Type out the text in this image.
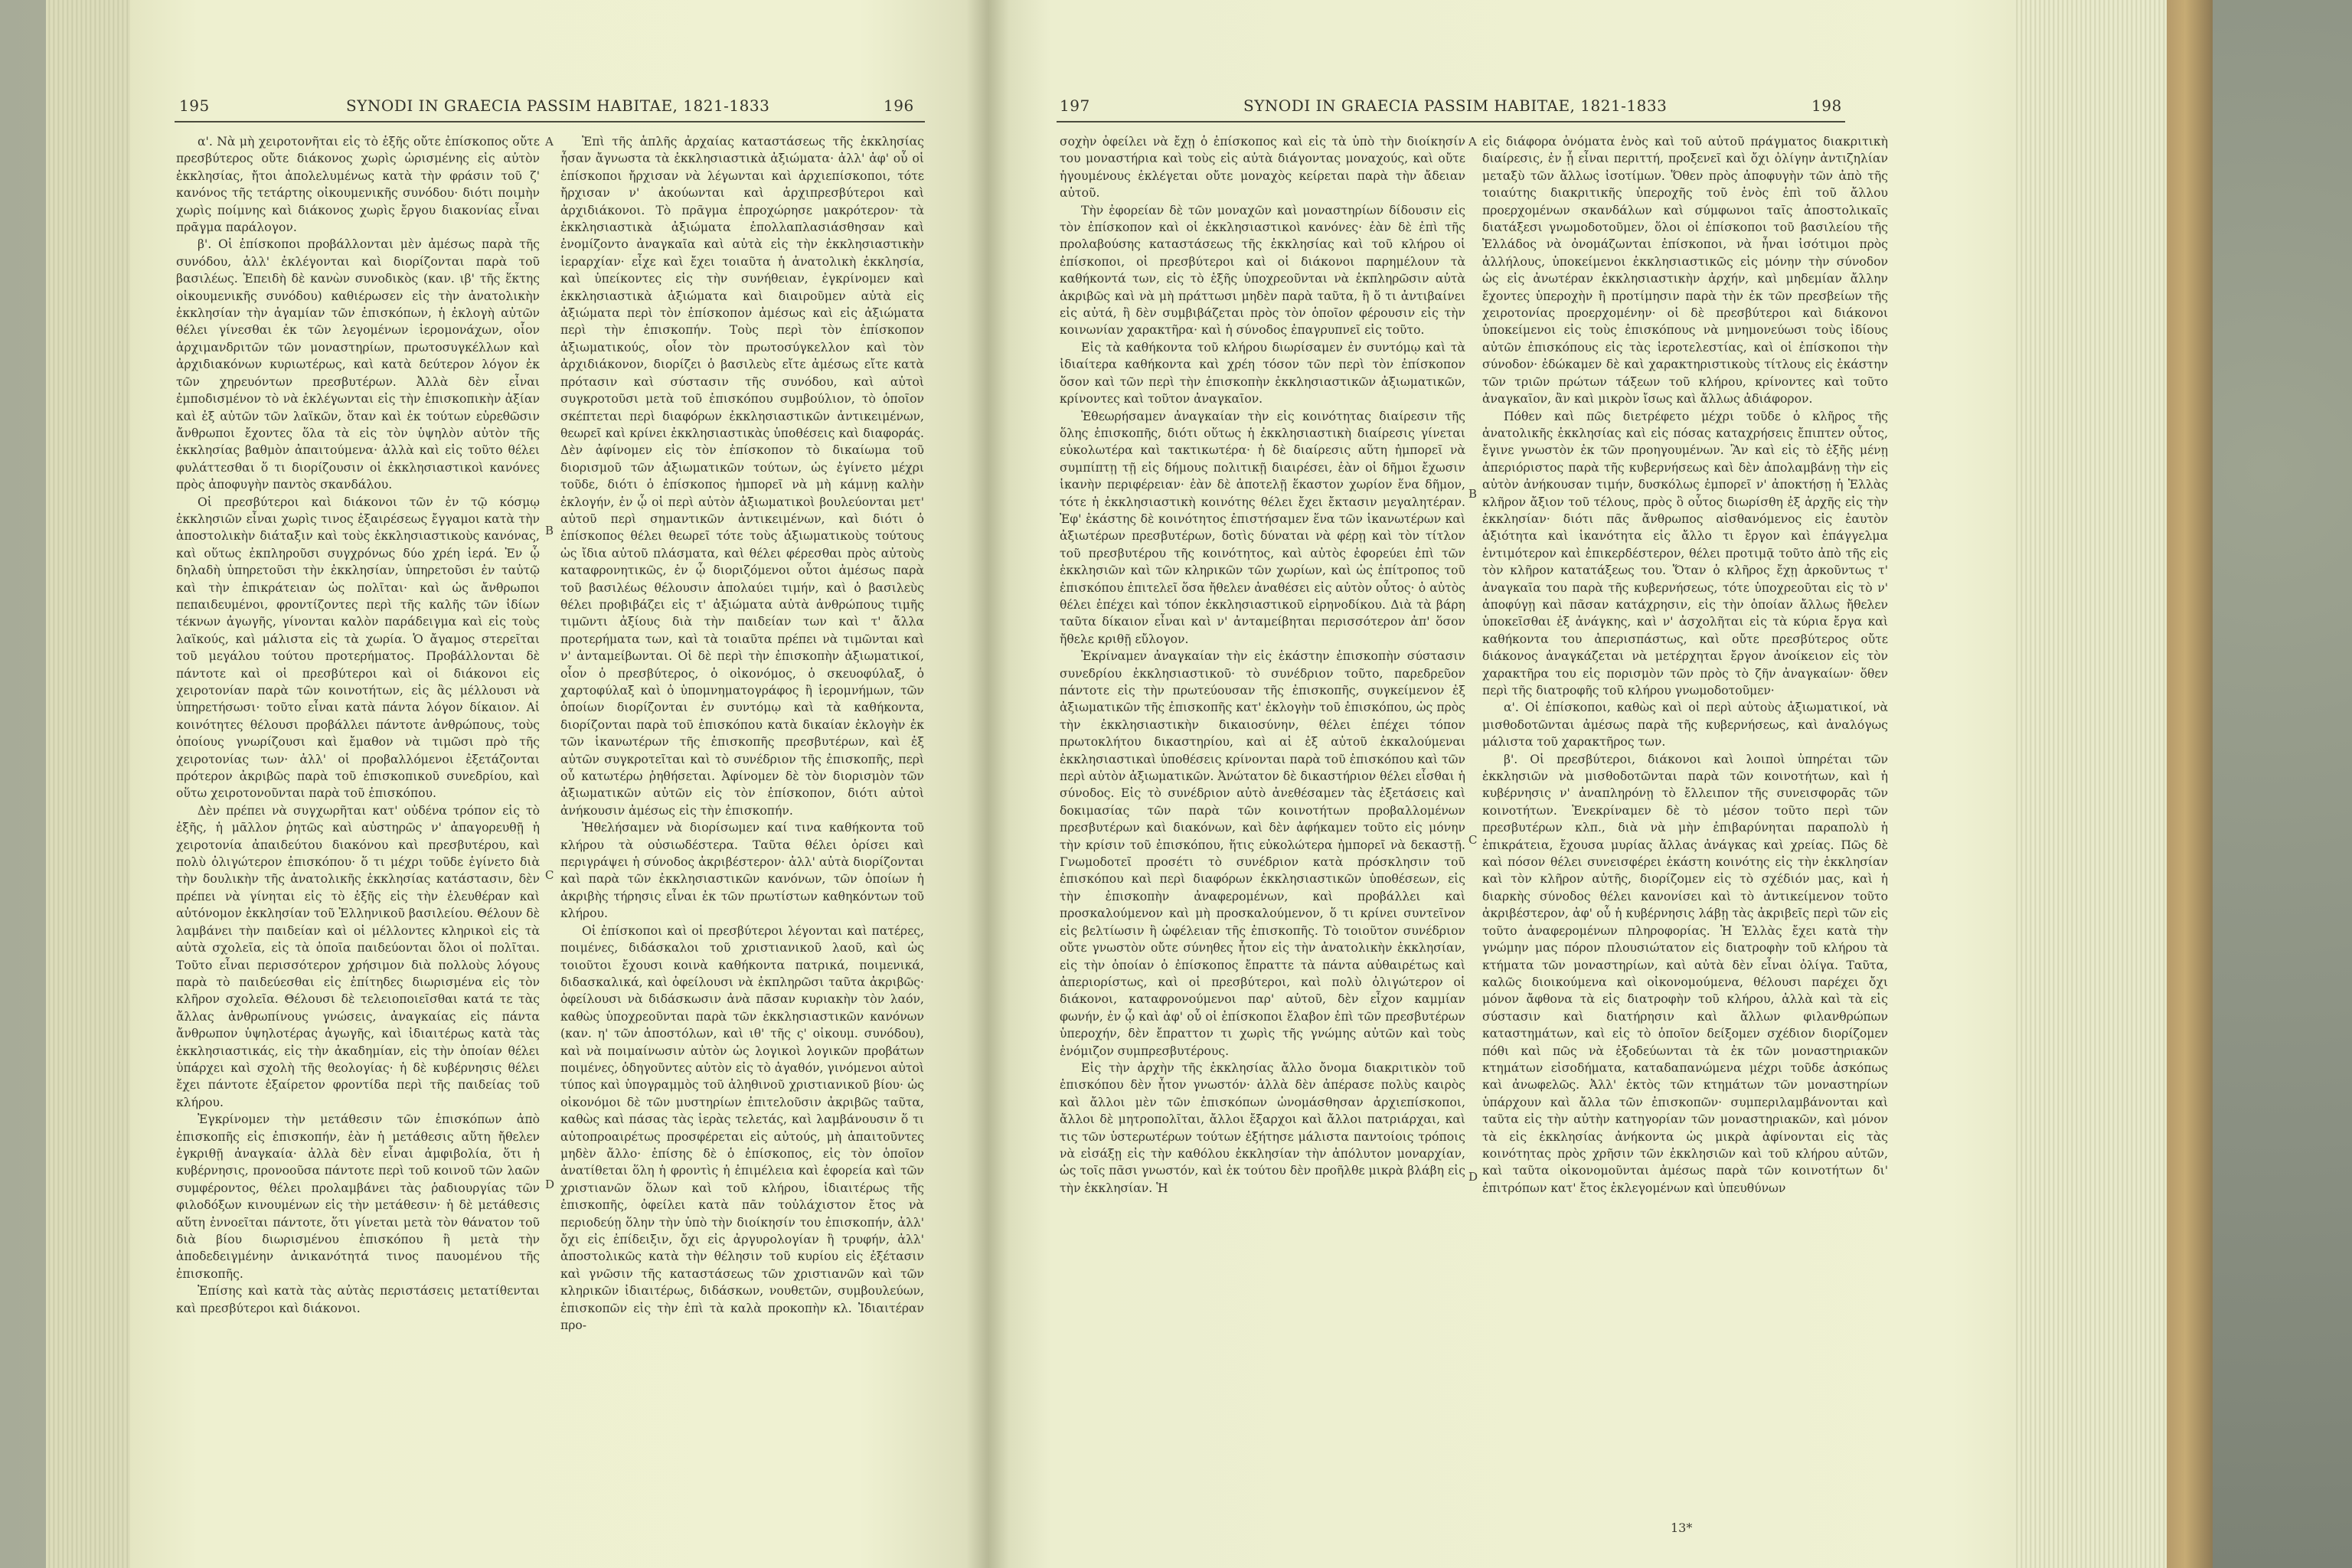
195	SYNODI IN GRAECIA PASSIM HABITAE, 1821-1833	196

α'. Νὰ μὴ χειροτονῆται εἰς τὸ ἑξῆς οὔτε ἐπίσκοπος οὔτε πρεσβύτερος οὔτε διάκονος χωρὶς ὡρισμένης εἰς αὐτὸν ἐκκλησίας, ἤτοι ἀπολελυμένως κατὰ τὴν φράσιν τοῦ ζ' κανόνος τῆς τετάρτης οἰκουμενικῆς συνόδου· διότι ποιμὴν χωρὶς ποίμνης καὶ διάκονος χωρὶς ἔργου διακονίας εἶναι πρᾶγμα παράλογον.

β'. Οἱ ἐπίσκοποι προβάλλονται μὲν ἀμέσως παρὰ τῆς συνόδου, ἀλλ' ἐκλέγονται καὶ διορίζονται παρὰ τοῦ βασιλέως. Ἐπειδὴ δὲ κανὼν συνοδικὸς (καν. ιβ' τῆς ἕκτης οἰκουμενικῆς συνόδου) καθιέρωσεν εἰς τὴν ἀνατολικὴν ἐκκλησίαν τὴν ἀγαμίαν τῶν ἐπισκόπων, ἡ ἐκλογὴ αὐτῶν θέλει γίνεσθαι ἐκ τῶν λεγομένων ἱερομονάχων, οἷον ἀρχιμανδριτῶν τῶν μοναστηρίων, πρωτοσυγκέλλων καὶ ἀρχιδιακόνων κυριωτέρως, καὶ κατὰ δεύτερον λόγον ἐκ τῶν χηρευόντων πρεσβυτέρων. Ἀλλὰ δὲν εἶναι ἐμποδισμένον τὸ νὰ ἐκλέγωνται εἰς τὴν ἐπισκοπικὴν ἀξίαν καὶ ἐξ αὐτῶν τῶν λαϊκῶν, ὅταν καὶ ἐκ τούτων εὑρεθῶσιν ἄνθρωποι ἔχοντες ὅλα τὰ εἰς τὸν ὑψηλὸν αὐτὸν τῆς ἐκκλησίας βαθμὸν ἀπαιτούμενα· ἀλλὰ καὶ εἰς τοῦτο θέλει φυλάττεσθαι ὅ τι διορίζουσιν οἱ ἐκκλησιαστικοὶ κανόνες πρὸς ἀποφυγὴν παντὸς σκανδάλου.

Οἱ πρεσβύτεροι καὶ διάκονοι τῶν ἐν τῷ κόσμῳ ἐκκλησιῶν εἶναι χωρὶς τινος ἐξαιρέσεως ἔγγαμοι κατὰ τὴν ἀποστολικὴν διάταξιν καὶ τοὺς ἐκκλησιαστικοὺς κανόνας, καὶ οὕτως ἐκπληροῦσι συγχρόνως δύο χρέη ἱερά. Ἐν ᾧ δηλαδὴ ὑπηρετοῦσι τὴν ἐκκλησίαν, ὑπηρετοῦσι ἐν ταὐτῷ καὶ τὴν ἐπικράτειαν ὡς πολῖται· καὶ ὡς ἄνθρωποι πεπαιδευμένοι, φροντίζοντες περὶ τῆς καλῆς τῶν ἰδίων τέκνων ἀγωγῆς, γίνονται καλὸν παράδειγμα καὶ εἰς τοὺς λαϊκούς, καὶ μάλιστα εἰς τὰ χωρία. Ὁ ἄγαμος στερεῖται τοῦ μεγάλου τούτου προτερήματος. Προβάλλονται δὲ πάντοτε καὶ οἱ πρεσβύτεροι καὶ οἱ διάκονοι εἰς χειροτονίαν παρὰ τῶν κοινοτήτων, εἰς ἃς μέλλουσι νὰ ὑπηρετήσωσι· τοῦτο εἶναι κατὰ πάντα λόγον δίκαιον. Αἱ κοινότητες θέλουσι προβάλλει πάντοτε ἀνθρώπους, τοὺς ὁποίους γνωρίζουσι καὶ ἔμαθον νὰ τιμῶσι πρὸ τῆς χειροτονίας των· ἀλλ' οἱ προβαλλόμενοι ἐξετάζονται πρότερον ἀκριβῶς παρὰ τοῦ ἐπισκοπικοῦ συνεδρίου, καὶ οὕτω χειροτονοῦνται παρὰ τοῦ ἐπισκόπου.

Δὲν πρέπει νὰ συγχωρῆται κατ' οὐδένα τρόπον εἰς τὸ ἑξῆς, ἡ μᾶλλον ῥητῶς καὶ αὐστηρῶς ν' ἀπαγορευθῇ ἡ χειροτονία ἀπαιδεύτου διακόνου καὶ πρεσβυτέρου, καὶ πολὺ ὀλιγώτερον ἐπισκόπου· ὅ τι μέχρι τοῦδε ἐγίνετο διὰ τὴν δουλικὴν τῆς ἀνατολικῆς ἐκκλησίας κατάστασιν, δὲν πρέπει νὰ γίνηται εἰς τὸ ἑξῆς εἰς τὴν ἐλευθέραν καὶ αὐτόνομον ἐκκλησίαν τοῦ Ἑλληνικοῦ βασιλείου. Θέλουν δὲ λαμβάνει τὴν παιδείαν καὶ οἱ μέλλοντες κληρικοὶ εἰς τὰ αὐτὰ σχολεῖα, εἰς τὰ ὁποῖα παιδεύονται ὅλοι οἱ πολῖται. Τοῦτο εἶναι περισσότερον χρήσιμον διὰ πολλοὺς λόγους παρὰ τὸ παιδεύεσθαι εἰς ἐπίτηδες διωρισμένα εἰς τὸν κλῆρον σχολεῖα. Θέλουσι δὲ τελειοποιεῖσθαι κατά τε τὰς ἄλλας ἀνθρωπίνους γνώσεις, ἀναγκαίας εἰς πάντα ἄνθρωπον ὑψηλοτέρας ἀγωγῆς, καὶ ἰδιαιτέρως κατὰ τὰς ἐκκλησιαστικάς, εἰς τὴν ἀκαδημίαν, εἰς τὴν ὁποίαν θέλει ὑπάρχει καὶ σχολὴ τῆς θεολογίας· ἡ δὲ κυβέρνησις θέλει ἔχει πάντοτε ἐξαίρετον φροντίδα περὶ τῆς παιδείας τοῦ κλήρου.

Ἐγκρίνομεν τὴν μετάθεσιν τῶν ἐπισκόπων ἀπὸ ἐπισκοπῆς εἰς ἐπισκοπήν, ἐὰν ἡ μετάθεσις αὕτη ἤθελεν ἐγκριθῇ ἀναγκαία· ἀλλὰ δὲν εἶναι ἀμφιβολία, ὅτι ἡ κυβέρνησις, προνοοῦσα πάντοτε περὶ τοῦ κοινοῦ τῶν λαῶν συμφέροντος, θέλει προλαμβάνει τὰς ῥαδιουργίας τῶν φιλοδόξων κινουμένων εἰς τὴν μετάθεσιν· ἡ δὲ μετάθεσις αὕτη ἐννοεῖται πάντοτε, ὅτι γίνεται μετὰ τὸν θάνατον τοῦ διὰ βίου διωρισμένου ἐπισκόπου ἢ μετὰ τὴν ἀποδεδειγμένην ἀνικανότητά τινος παυομένου τῆς ἐπισκοπῆς.

Ἐπίσης καὶ κατὰ τὰς αὐτὰς περιστάσεις μετατίθενται καὶ πρεσβύτεροι καὶ διάκονοι.

Ἐπὶ τῆς ἁπλῆς ἀρχαίας καταστάσεως τῆς ἐκκλησίας ἦσαν ἄγνωστα τὰ ἐκκλησιαστικὰ ἀξιώματα· ἀλλ' ἀφ' οὗ οἱ ἐπίσκοποι ἤρχισαν νὰ λέγωνται καὶ ἀρχιεπίσκοποι, τότε ἤρχισαν ν' ἀκούωνται καὶ ἀρχιπρεσβύτεροι καὶ ἀρχιδιάκονοι. Τὸ πρᾶγμα ἐπροχώρησε μακρότερον· τὰ ἐκκλησιαστικὰ ἀξιώματα ἐπολλαπλασιάσθησαν καὶ ἐνομίζοντο ἀναγκαῖα καὶ αὐτὰ εἰς τὴν ἐκκλησιαστικὴν ἱεραρχίαν· εἶχε καὶ ἔχει τοιαῦτα ἡ ἀνατολικὴ ἐκκλησία, καὶ ὑπείκοντες εἰς τὴν συνήθειαν, ἐγκρίνομεν καὶ ἐκκλησιαστικὰ ἀξιώματα καὶ διαιροῦμεν αὐτὰ εἰς ἀξιώματα περὶ τὸν ἐπίσκοπον ἀμέσως καὶ εἰς ἀξιώματα περὶ τὴν ἐπισκοπήν. Τοὺς περὶ τὸν ἐπίσκοπον ἀξιωματικούς, οἷον τὸν πρωτοσύγκελλον καὶ τὸν ἀρχιδιάκονον, διορίζει ὁ βασιλεὺς εἴτε ἀμέσως εἴτε κατὰ πρότασιν καὶ σύστασιν τῆς συνόδου, καὶ αὐτοὶ συγκροτοῦσι μετὰ τοῦ ἐπισκόπου συμβούλιον, τὸ ὁποῖον σκέπτεται περὶ διαφόρων ἐκκλησιαστικῶν ἀντικειμένων, θεωρεῖ καὶ κρίνει ἐκκλησιαστικὰς ὑποθέσεις καὶ διαφοράς. Δὲν ἀφίνομεν εἰς τὸν ἐπίσκοπον τὸ δικαίωμα τοῦ διορισμοῦ τῶν ἀξιωματικῶν τούτων, ὡς ἐγίνετο μέχρι τοῦδε, διότι ὁ ἐπίσκοπος ἠμπορεῖ νὰ μὴ κάμνῃ καλὴν ἐκλογήν, ἐν ᾧ οἱ περὶ αὐτὸν ἀξιωματικοὶ βουλεύονται μετ' αὐτοῦ περὶ σημαντικῶν ἀντικειμένων, καὶ διότι ὁ ἐπίσκοπος θέλει θεωρεῖ τότε τοὺς ἀξιωματικοὺς τούτους ὡς ἴδια αὐτοῦ πλάσματα, καὶ θέλει φέρεσθαι πρὸς αὐτοὺς καταφρονητικῶς, ἐν ᾧ διοριζόμενοι οὗτοι ἀμέσως παρὰ τοῦ βασιλέως θέλουσιν ἀπολαύει τιμήν, καὶ ὁ βασιλεὺς θέλει προβιβάζει εἰς τ' ἀξιώματα αὐτὰ ἀνθρώπους τιμῆς τιμῶντι ἀξίους διὰ τὴν παιδείαν των καὶ τ' ἄλλα προτερήματα των, καὶ τὰ τοιαῦτα πρέπει νὰ τιμῶνται καὶ ν' ἀνταμείβωνται. Οἱ δὲ περὶ τὴν ἐπισκοπὴν ἀξιωματικοί, οἷον ὁ πρεσβύτερος, ὁ οἰκονόμος, ὁ σκευοφύλαξ, ὁ χαρτοφύλαξ καὶ ὁ ὑπομνηματογράφος ἢ ἱερομνήμων, τῶν ὁποίων διορίζονται ἐν συντόμῳ καὶ τὰ καθήκοντα, διορίζονται παρὰ τοῦ ἐπισκόπου κατὰ δικαίαν ἐκλογὴν ἐκ τῶν ἱκανωτέρων τῆς ἐπισκοπῆς πρεσβυτέρων, καὶ ἐξ αὐτῶν συγκροτεῖται καὶ τὸ συνέδριον τῆς ἐπισκοπῆς, περὶ οὗ κατωτέρω ῥηθήσεται. Ἀφίνομεν δὲ τὸν διορισμὸν τῶν ἀξιωματικῶν αὐτῶν εἰς τὸν ἐπίσκοπον, διότι αὐτοὶ ἀνήκουσιν ἀμέσως εἰς τὴν ἐπισκοπήν.

Ἠθελήσαμεν νὰ διορίσωμεν καί τινα καθήκοντα τοῦ κλήρου τὰ οὐσιωδέστερα. Ταῦτα θέλει ὁρίσει καὶ περιγράψει ἡ σύνοδος ἀκριβέστερον· ἀλλ' αὐτὰ διορίζονται καὶ παρὰ τῶν ἐκκλησιαστικῶν κανόνων, τῶν ὁποίων ἡ ἀκριβὴς τήρησις εἶναι ἐκ τῶν πρωτίστων καθηκόντων τοῦ κλήρου.

Οἱ ἐπίσκοποι καὶ οἱ πρεσβύτεροι λέγονται καὶ πατέρες, ποιμένες, διδάσκαλοι τοῦ χριστιανικοῦ λαοῦ, καὶ ὡς τοιοῦτοι ἔχουσι κοινὰ καθήκοντα πατρικά, ποιμενικά, διδασκαλικά, καὶ ὀφείλουσι νὰ ἐκπληρῶσι ταῦτα ἀκριβῶς· ὀφείλουσι νὰ διδάσκωσιν ἀνὰ πᾶσαν κυριακὴν τὸν λαόν, καθὼς ὑποχρεοῦνται παρὰ τῶν ἐκκλησιαστικῶν κανόνων (καν. η' τῶν ἀποστόλων, καὶ ιθ' τῆς ς' οἰκουμ. συνόδου), καὶ νὰ ποιμαίνωσιν αὐτὸν ὡς λογικοὶ λογικῶν προβάτων ποιμένες, ὁδηγοῦντες αὐτὸν εἰς τὸ ἀγαθόν, γινόμενοι αὐτοὶ τύπος καὶ ὑπογραμμὸς τοῦ ἀληθινοῦ χριστιανικοῦ βίου· ὡς οἰκονόμοι δὲ τῶν μυστηρίων ἐπιτελοῦσιν ἀκριβῶς ταῦτα, καθὼς καὶ πάσας τὰς ἱερὰς τελετάς, καὶ λαμβάνουσιν ὅ τι αὐτοπροαιρέτως προσφέρεται εἰς αὐτούς, μὴ ἀπαιτοῦντες μηδὲν ἄλλο· ἐπίσης δὲ ὁ ἐπίσκοπος, εἰς τὸν ὁποῖον ἀνατίθεται ὅλη ἡ φροντὶς ἡ ἐπιμέλεια καὶ ἐφορεία καὶ τῶν χριστιανῶν ὅλων καὶ τοῦ κλήρου, ἰδιαιτέρως τῆς ἐπισκοπῆς, ὀφείλει κατὰ πᾶν τοὐλάχιστον ἔτος νὰ περιοδεύῃ ὅλην τὴν ὑπὸ τὴν διοίκησίν του ἐπισκοπήν, ἀλλ' ὄχι εἰς ἐπίδειξιν, ὄχι εἰς ἀργυρολογίαν ἢ τρυφήν, ἀλλ' ἀποστολικῶς κατὰ τὴν θέλησιν τοῦ κυρίου εἰς ἐξέτασιν καὶ γνῶσιν τῆς καταστάσεως τῶν χριστιανῶν καὶ τῶν κληρικῶν ἰδιαιτέρως, διδάσκων, νουθετῶν, συμβουλεύων, ἐπισκοπῶν εἰς τὴν ἐπὶ τὰ καλὰ προκοπὴν κλ. Ἰδιαιτέραν προ-

A
B
C
D
197	SYNODI IN GRAECIA PASSIM HABITAE, 1821-1833	198

σοχὴν ὀφείλει νὰ ἔχῃ ὁ ἐπίσκοπος καὶ εἰς τὰ ὑπὸ τὴν διοίκησίν του μοναστήρια καὶ τοὺς εἰς αὐτὰ διάγοντας μοναχούς, καὶ οὔτε ἡγουμένους ἐκλέγεται οὔτε μοναχὸς κείρεται παρὰ τὴν ἄδειαν αὐτοῦ.

Τὴν ἐφορείαν δὲ τῶν μοναχῶν καὶ μοναστηρίων δίδουσιν εἰς τὸν ἐπίσκοπον καὶ οἱ ἐκκλησιαστικοὶ κανόνες· ἐὰν δὲ ἐπὶ τῆς προλαβούσης καταστάσεως τῆς ἐκκλησίας καὶ τοῦ κλήρου οἱ ἐπίσκοποι, οἱ πρεσβύτεροι καὶ οἱ διάκονοι παρημέλουν τὰ καθήκοντά των, εἰς τὸ ἑξῆς ὑποχρεοῦνται νὰ ἐκπληρῶσιν αὐτὰ ἀκριβῶς καὶ νὰ μὴ πράττωσι μηδὲν παρὰ ταῦτα, ἢ ὅ τι ἀντιβαίνει εἰς αὐτά, ἢ δὲν συμβιβάζεται πρὸς τὸν ὁποῖον φέρουσιν εἰς τὴν κοινωνίαν χαρακτῆρα· καὶ ἡ σύνοδος ἐπαγρυπνεῖ εἰς τοῦτο.

Εἰς τὰ καθήκοντα τοῦ κλήρου διωρίσαμεν ἐν συντόμῳ καὶ τὰ ἰδιαίτερα καθήκοντα καὶ χρέη τόσον τῶν περὶ τὸν ἐπίσκοπον ὅσον καὶ τῶν περὶ τὴν ἐπισκοπὴν ἐκκλησιαστικῶν ἀξιωματικῶν, κρίνοντες καὶ τοῦτον ἀναγκαῖον.

Ἐθεωρήσαμεν ἀναγκαίαν τὴν εἰς κοινότητας διαίρεσιν τῆς ὅλης ἐπισκοπῆς, διότι οὕτως ἡ ἐκκλησιαστικὴ διαίρεσις γίνεται εὐκολωτέρα καὶ τακτικωτέρα· ἡ δὲ διαίρεσις αὕτη ἠμπορεῖ νὰ συμπίπτῃ τῇ εἰς δήμους πολιτικῇ διαιρέσει, ἐὰν οἱ δῆμοι ἔχωσιν ἱκανὴν περιφέρειαν· ἐὰν δὲ ἀποτελῇ ἕκαστον χωρίον ἕνα δῆμον, τότε ἡ ἐκκλησιαστικὴ κοινότης θέλει ἔχει ἔκτασιν μεγαλητέραν. Ἐφ' ἑκάστης δὲ κοινότητος ἐπιστήσαμεν ἕνα τῶν ἱκανωτέρων καὶ ἀξιωτέρων πρεσβυτέρων, δοτὶς δύναται νὰ φέρῃ καὶ τὸν τίτλον τοῦ πρεσβυτέρου τῆς κοινότητος, καὶ αὐτὸς ἐφορεύει ἐπὶ τῶν ἐκκλησιῶν καὶ τῶν κληρικῶν τῶν χωρίων, καὶ ὡς ἐπίτροπος τοῦ ἐπισκόπου ἐπιτελεῖ ὅσα ἤθελεν ἀναθέσει εἰς αὐτὸν οὗτος· ὁ αὐτὸς θέλει ἐπέχει καὶ τόπον ἐκκλησιαστικοῦ εἰρηνοδίκου. Διὰ τὰ βάρη ταῦτα δίκαιον εἶναι καὶ ν' ἀνταμείβηται περισσότερον ἀπ' ὅσον ἤθελε κριθῇ εὔλογον.

Ἐκρίναμεν ἀναγκαίαν τὴν εἰς ἑκάστην ἐπισκοπὴν σύστασιν συνεδρίου ἐκκλησιαστικοῦ· τὸ συνέδριον τοῦτο, παρεδρεῦον πάντοτε εἰς τὴν πρωτεύουσαν τῆς ἐπισκοπῆς, συγκείμενον ἐξ ἀξιωματικῶν τῆς ἐπισκοπῆς κατ' ἐκλογὴν τοῦ ἐπισκόπου, ὡς πρὸς τὴν ἐκκλησιαστικὴν δικαιοσύνην, θέλει ἐπέχει τόπον πρωτοκλήτου δικαστηρίου, καὶ αἱ ἐξ αὐτοῦ ἐκκαλούμεναι ἐκκλησιαστικαὶ ὑποθέσεις κρίνονται παρὰ τοῦ ἐπισκόπου καὶ τῶν περὶ αὐτὸν ἀξιωματικῶν. Ἀνώτατον δὲ δικαστήριον θέλει εἶσθαι ἡ σύνοδος. Εἰς τὸ συνέδριον αὐτὸ ἀνεθέσαμεν τὰς ἐξετάσεις καὶ δοκιμασίας τῶν παρὰ τῶν κοινοτήτων προβαλλομένων πρεσβυτέρων καὶ διακόνων, καὶ δὲν ἀφήκαμεν τοῦτο εἰς μόνην τὴν κρίσιν τοῦ ἐπισκόπου, ἥτις εὐκολώτερα ἠμπορεῖ νὰ δεκαστῇ. Γνωμοδοτεῖ προσέτι τὸ συνέδριον κατὰ πρόσκλησιν τοῦ ἐπισκόπου καὶ περὶ διαφόρων ἐκκλησιαστικῶν ὑποθέσεων, εἰς τὴν ἐπισκοπὴν ἀναφερομένων, καὶ προβάλλει καὶ προσκαλούμενον καὶ μὴ προσκαλούμενον, ὅ τι κρίνει συντεῖνον εἰς βελτίωσιν ἢ ὠφέλειαν τῆς ἐπισκοπῆς. Τὸ τοιοῦτον συνέδριον οὔτε γνωστὸν οὔτε σύνηθες ἦτον εἰς τὴν ἀνατολικὴν ἐκκλησίαν, εἰς τὴν ὁποίαν ὁ ἐπίσκοπος ἔπραττε τὰ πάντα αὐθαιρέτως καὶ ἀπεριορίστως, καὶ οἱ πρεσβύτεροι, καὶ πολὺ ὀλιγώτερον οἱ διάκονοι, καταφρονούμενοι παρ' αὐτοῦ, δὲν εἶχον καμμίαν φωνήν, ἐν ᾧ καὶ ἀφ' οὗ οἱ ἐπίσκοποι ἔλαβον ἐπὶ τῶν πρεσβυτέρων ὑπεροχήν, δὲν ἔπραττον τι χωρὶς τῆς γνώμης αὐτῶν καὶ τοὺς ἐνόμιζον συμπρεσβυτέρους.

Εἰς τὴν ἀρχὴν τῆς ἐκκλησίας ἄλλο ὄνομα διακριτικὸν τοῦ ἐπισκόπου δὲν ἦτον γνωστόν· ἀλλὰ δὲν ἀπέρασε πολὺς καιρὸς καὶ ἄλλοι μὲν τῶν ἐπισκόπων ὠνομάσθησαν ἀρχιεπίσκοποι, ἄλλοι δὲ μητροπολῖται, ἄλλοι ἔξαρχοι καὶ ἄλλοι πατριάρχαι, καὶ τις τῶν ὑστερωτέρων τούτων ἐξήτησε μάλιστα παντοίοις τρόποις νὰ εἰσάξῃ εἰς τὴν καθόλου ἐκκλησίαν τὴν ἀπόλυτον μοναρχίαν, ὡς τοῖς πᾶσι γνωστόν, καὶ ἐκ τούτου δὲν προῆλθε μικρὰ βλάβη εἰς τὴν ἐκκλησίαν. Ἡ

εἰς διάφορα ὀνόματα ἑνὸς καὶ τοῦ αὐτοῦ πράγματος διακριτικὴ διαίρεσις, ἐν ᾗ εἶναι περιττή, προξενεῖ καὶ ὄχι ὀλίγην ἀντιζηλίαν μεταξὺ τῶν ἄλλως ἰσοτίμων. Ὅθεν πρὸς ἀποφυγὴν τῶν ἀπὸ τῆς τοιαύτης διακριτικῆς ὑπεροχῆς τοῦ ἑνὸς ἐπὶ τοῦ ἄλλου προερχομένων σκανδάλων καὶ σύμφωνοι ταῖς ἀποστολικαῖς διατάξεσι γνωμοδοτοῦμεν, ὅλοι οἱ ἐπίσκοποι τοῦ βασιλείου τῆς Ἑλλάδος νὰ ὀνομάζωνται ἐπίσκοποι, νὰ ἦναι ἰσότιμοι πρὸς ἀλλήλους, ὑποκείμενοι ἐκκλησιαστικῶς εἰς μόνην τὴν σύνοδον ὡς εἰς ἀνωτέραν ἐκκλησιαστικὴν ἀρχήν, καὶ μηδεμίαν ἄλλην ἔχοντες ὑπεροχὴν ἢ προτίμησιν παρὰ τὴν ἐκ τῶν πρεσβείων τῆς χειροτονίας προερχομένην· οἱ δὲ πρεσβύτεροι καὶ διάκονοι ὑποκείμενοι εἰς τοὺς ἐπισκόπους νὰ μνημονεύωσι τοὺς ἰδίους αὐτῶν ἐπισκόπους εἰς τὰς ἱεροτελεστίας, καὶ οἱ ἐπίσκοποι τὴν σύνοδον· ἐδώκαμεν δὲ καὶ χαρακτηριστικοὺς τίτλους εἰς ἑκάστην τῶν τριῶν πρώτων τάξεων τοῦ κλήρου, κρίνοντες καὶ τοῦτο ἀναγκαῖον, ἂν καὶ μικρὸν ἴσως καὶ ἄλλως ἀδιάφορον.

Πόθεν καὶ πῶς διετρέφετο μέχρι τοῦδε ὁ κλῆρος τῆς ἀνατολικῆς ἐκκλησίας καὶ εἰς πόσας καταχρήσεις ἔπιπτεν οὗτος, ἔγινε γνωστὸν ἐκ τῶν προηγουμένων. Ἂν καὶ εἰς τὸ ἑξῆς μένῃ ἀπεριόριστος παρὰ τῆς κυβερνήσεως καὶ δὲν ἀπολαμβάνῃ τὴν εἰς αὐτὸν ἀνήκουσαν τιμήν, δυσκόλως ἐμπορεῖ ν' ἀποκτήσῃ ἡ Ἑλλὰς κλῆρον ἄξιον τοῦ τέλους, πρὸς ὃ οὗτος διωρίσθη ἐξ ἀρχῆς εἰς τὴν ἐκκλησίαν· διότι πᾶς ἄνθρωπος αἰσθανόμενος εἰς ἑαυτὸν ἀξιότητα καὶ ἱκανότητα εἰς ἄλλο τι ἔργον καὶ ἐπάγγελμα ἐντιμότερον καὶ ἐπικερδέστερον, θέλει προτιμᾷ τοῦτο ἀπὸ τῆς εἰς τὸν κλῆρον κατατάξεως του. Ὅταν ὁ κλῆρος ἔχῃ ἀρκοῦντως τ' ἀναγκαῖα του παρὰ τῆς κυβερνήσεως, τότε ὑποχρεοῦται εἰς τὸ ν' ἀποφύγῃ καὶ πᾶσαν κατάχρησιν, εἰς τὴν ὁποίαν ἄλλως ἤθελεν ὑποκεῖσθαι ἐξ ἀνάγκης, καὶ ν' ἀσχολῆται εἰς τὰ κύρια ἔργα καὶ καθήκοντα του ἀπερισπάστως, καὶ οὔτε πρεσβύτερος οὔτε διάκονος ἀναγκάζεται νὰ μετέρχηται ἔργον ἀνοίκειον εἰς τὸν χαρακτῆρα του εἰς πορισμὸν τῶν πρὸς τὸ ζῆν ἀναγκαίων· ὅθεν περὶ τῆς διατροφῆς τοῦ κλήρου γνωμοδοτοῦμεν·

α'. Οἱ ἐπίσκοποι, καθὼς καὶ οἱ περὶ αὐτοὺς ἀξιωματικοί, νὰ μισθοδοτῶνται ἀμέσως παρὰ τῆς κυβερνήσεως, καὶ ἀναλόγως μάλιστα τοῦ χαρακτῆρος των.

β'. Οἱ πρεσβύτεροι, διάκονοι καὶ λοιποὶ ὑπηρέται τῶν ἐκκλησιῶν νὰ μισθοδοτῶνται παρὰ τῶν κοινοτήτων, καὶ ἡ κυβέρνησις ν' ἀναπληρόνῃ τὸ ἔλλειπον τῆς συνεισφορᾶς τῶν κοινοτήτων. Ἐνεκρίναμεν δὲ τὸ μέσον τοῦτο περὶ τῶν πρεσβυτέρων κλπ., διὰ νὰ μὴν ἐπιβαρύνηται παραπολὺ ἡ ἐπικράτεια, ἔχουσα μυρίας ἄλλας ἀνάγκας καὶ χρείας. Πῶς δὲ καὶ πόσον θέλει συνεισφέρει ἑκάστη κοινότης εἰς τὴν ἐκκλησίαν καὶ τὸν κλῆρον αὐτῆς, διορίζομεν εἰς τὸ σχέδιόν μας, καὶ ἡ διαρκὴς σύνοδος θέλει κανονίσει καὶ τὸ ἀντικείμενον τοῦτο ἀκριβέστερον, ἀφ' οὗ ἡ κυβέρνησις λάβῃ τὰς ἀκριβεῖς περὶ τῶν εἰς τοῦτο ἀναφερομένων πληροφορίας. Ἡ Ἑλλὰς ἔχει κατὰ τὴν γνώμην μας πόρον πλουσιώτατον εἰς διατροφὴν τοῦ κλήρου τὰ κτήματα τῶν μοναστηρίων, καὶ αὐτὰ δὲν εἶναι ὀλίγα. Ταῦτα, καλῶς διοικούμενα καὶ οἰκονομούμενα, θέλουσι παρέχει ὄχι μόνον ἄφθονα τὰ εἰς διατροφὴν τοῦ κλήρου, ἀλλὰ καὶ τὰ εἰς σύστασιν καὶ διατήρησιν καὶ ἄλλων φιλανθρώπων καταστημάτων, καὶ εἰς τὸ ὁποῖον δείξομεν σχέδιον διορίζομεν πόθι καὶ πῶς νὰ ἐξοδεύωνται τὰ ἐκ τῶν μοναστηριακῶν κτημάτων εἰσοδήματα, καταδαπανώμενα μέχρι τοῦδε ἀσκόπως καὶ ἀνωφελῶς. Ἀλλ' ἐκτὸς τῶν κτημάτων τῶν μοναστηρίων ὑπάρχουν καὶ ἄλλα τῶν ἐπισκοπῶν· συμπεριλαμβάνονται καὶ ταῦτα εἰς τὴν αὐτὴν κατηγορίαν τῶν μοναστηριακῶν, καὶ μόνον τὰ εἰς ἐκκλησίας ἀνήκοντα ὡς μικρὰ ἀφίνονται εἰς τὰς κοινότητας πρὸς χρῆσιν τῶν ἐκκλησιῶν καὶ τοῦ κλήρου αὐτῶν, καὶ ταῦτα οἰκονομοῦνται ἀμέσως παρὰ τῶν κοινοτήτων δι' ἐπιτρόπων κατ' ἔτος ἐκλεγομένων καὶ ὑπευθύνων

A
B
C
D
13*
